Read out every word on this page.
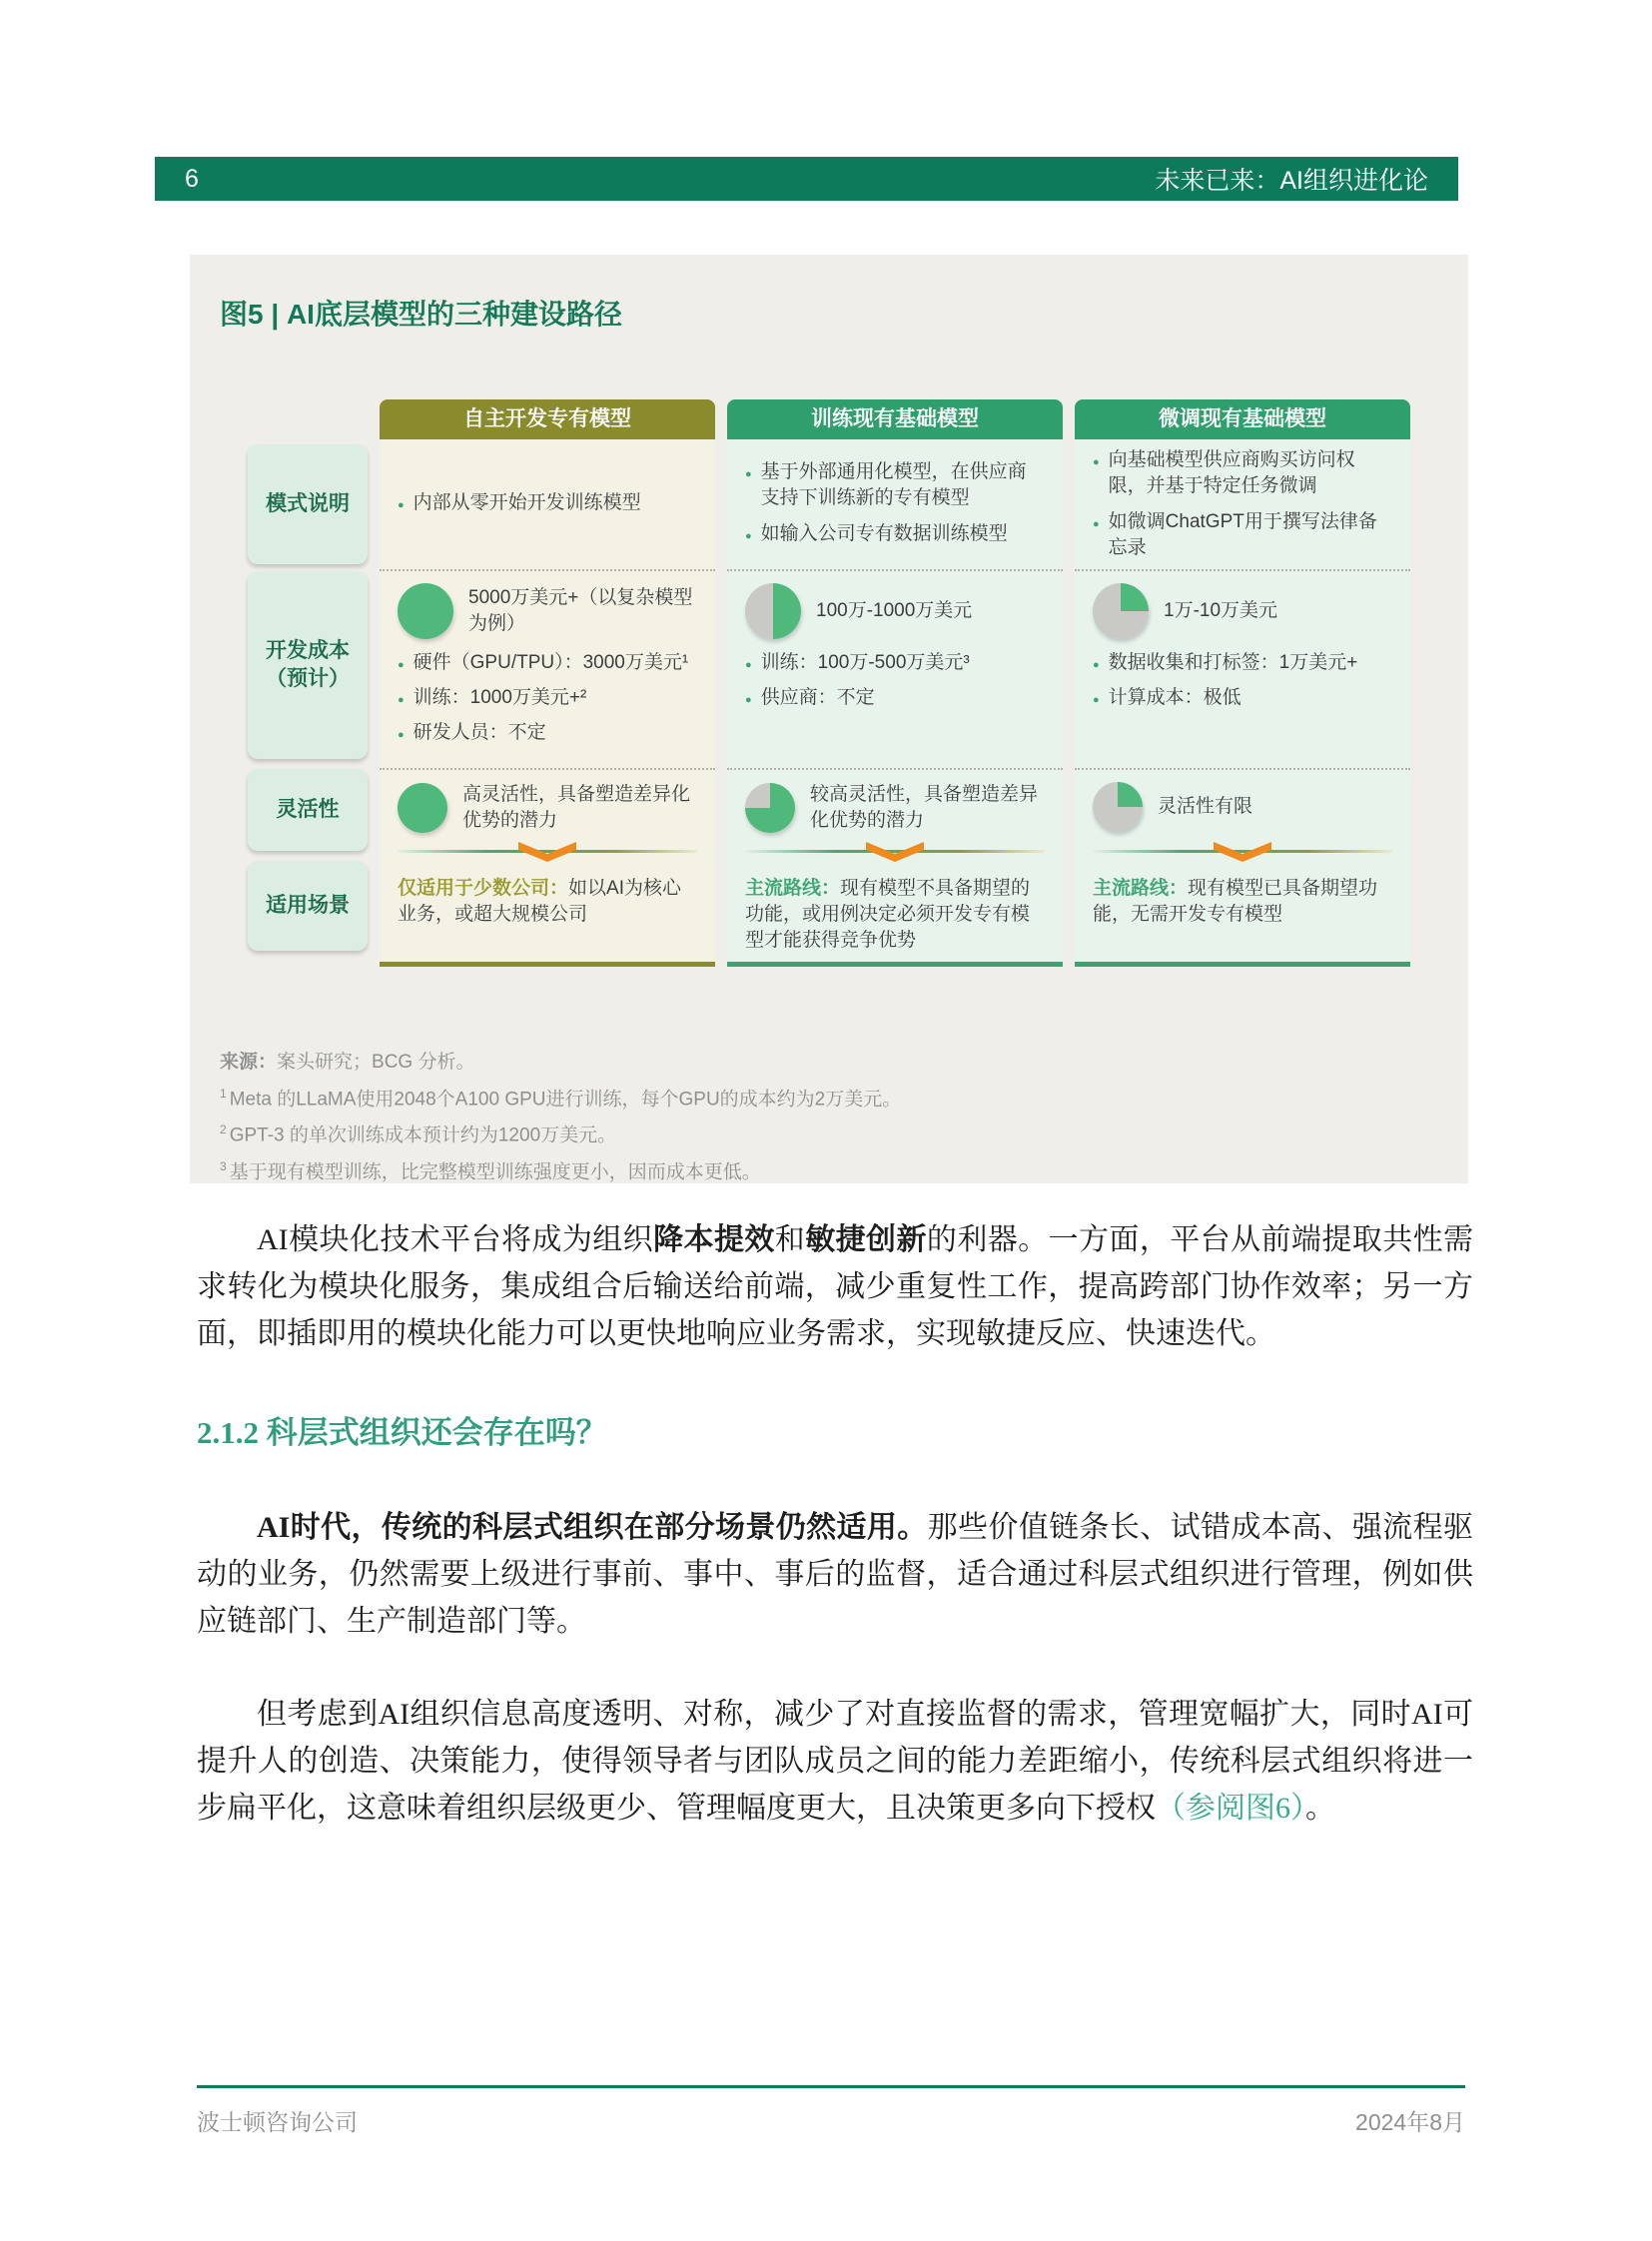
6	未来已来：AI组织进化论
图5 | AI底层模型的三种建设路径
模式说明
开发成本
（预计）
灵活性
适用场景
自主开发专有模型
●
内部从零开始开发训练模型
5000万美元+（以复杂模型为例）
●
硬件（GPU/TPU）：3000万美元¹
●
训练：1000万美元+²
●
研发人员：不定
高灵活性，具备塑造差异化优势的潜力
仅适用于少数公司：如以AI为核心业务，或超大规模公司
训练现有基础模型
●
基于外部通用化模型，在供应商支持下训练新的专有模型
●
如输入公司专有数据训练模型
100万-1000万美元
●
训练：100万-500万美元³
●
供应商：不定
较高灵活性，具备塑造差异化优势的潜力
主流路线：现有模型不具备期望的功能，或用例决定必须开发专有模型才能获得竞争优势
微调现有基础模型
●
向基础模型供应商购买访问权限，并基于特定任务微调
●
如微调ChatGPT用于撰写法律备忘录
1万-10万美元
●
数据收集和打标签：1万美元+
●
计算成本：极低
灵活性有限
主流路线：现有模型已具备期望功能，无需开发专有模型

来源：案头研究；BCG 分析。

$^1$ Meta 的LLaMA使用2048个A100 GPU进行训练，每个GPU的成本约为2万美元。

$^2$ GPT-3 的单次训练成本预计约为1200万美元。

$^3$ 基于现有模型训练，比完整模型训练强度更小，因而成本更低。

AI模块化技术平台将成为组织降本提效和敏捷创新的利器。一方面，平台从前端提取共性需求转化为模块化服务，集成组合后输送给前端，减少重复性工作，提高跨部门协作效率；另一方面，即插即用的模块化能力可以更快地响应业务需求，实现敏捷反应、快速迭代。

2.1.2 科层式组织还会存在吗？

AI时代，传统的科层式组织在部分场景仍然适用。那些价值链条长、试错成本高、强流程驱动的业务，仍然需要上级进行事前、事中、事后的监督，适合通过科层式组织进行管理，例如供应链部门、生产制造部门等。

但考虑到AI组织信息高度透明、对称，减少了对直接监督的需求，管理宽幅扩大，同时AI可提升人的创造、决策能力，使得领导者与团队成员之间的能力差距缩小，传统科层式组织将进一步扁平化，这意味着组织层级更少、管理幅度更大，且决策更多向下授权（参阅图6）。

波士顿咨询公司	2024年8月
